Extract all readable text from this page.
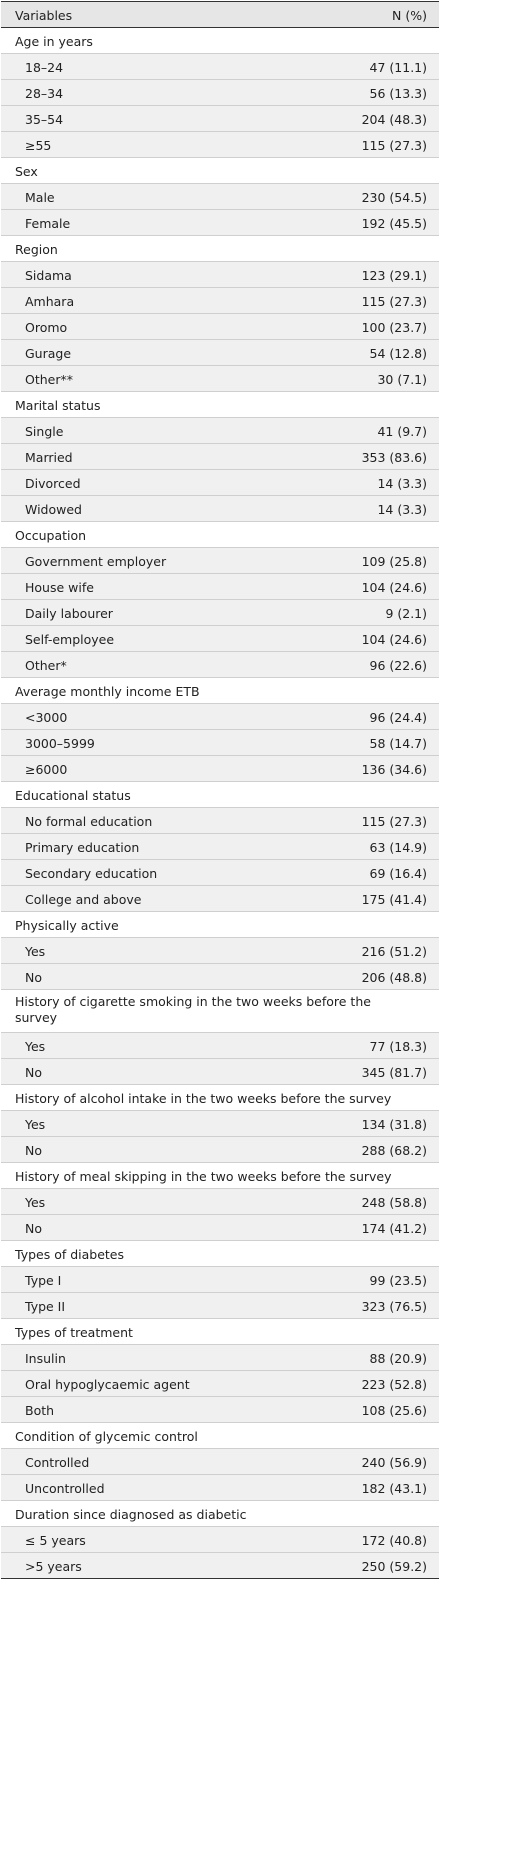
Variables	N (%)
Age in years
18–24	47 (11.1)
28–34	56 (13.3)
35–54	204 (48.3)
≥55	115 (27.3)
Sex
Male	230 (54.5)
Female	192 (45.5)
Region
Sidama	123 (29.1)
Amhara	115 (27.3)
Oromo	100 (23.7)
Gurage	54 (12.8)
Other**	30 (7.1)
Marital status
Single	41 (9.7)
Married	353 (83.6)
Divorced	14 (3.3)
Widowed	14 (3.3)
Occupation
Government employer	109 (25.8)
House wife	104 (24.6)
Daily labourer	9 (2.1)
Self-employee	104 (24.6)
Other*	96 (22.6)
Average monthly income ETB
<3000	96 (24.4)
3000–5999	58 (14.7)
≥6000	136 (34.6)
Educational status
No formal education	115 (27.3)
Primary education	63 (14.9)
Secondary education	69 (16.4)
College and above	175 (41.4)
Physically active
Yes	216 (51.2)
No	206 (48.8)
History of cigarette smoking in the two weeks before the survey
Yes	77 (18.3)
No	345 (81.7)
History of alcohol intake in the two weeks before the survey
Yes	134 (31.8)
No	288 (68.2)
History of meal skipping in the two weeks before the survey
Yes	248 (58.8)
No	174 (41.2)
Types of diabetes
Type I	99 (23.5)
Type II	323 (76.5)
Types of treatment
Insulin	88 (20.9)
Oral hypoglycaemic agent	223 (52.8)
Both	108 (25.6)
Condition of glycemic control
Controlled	240 (56.9)
Uncontrolled	182 (43.1)
Duration since diagnosed as diabetic
≤ 5 years	172 (40.8)
>5 years	250 (59.2)
